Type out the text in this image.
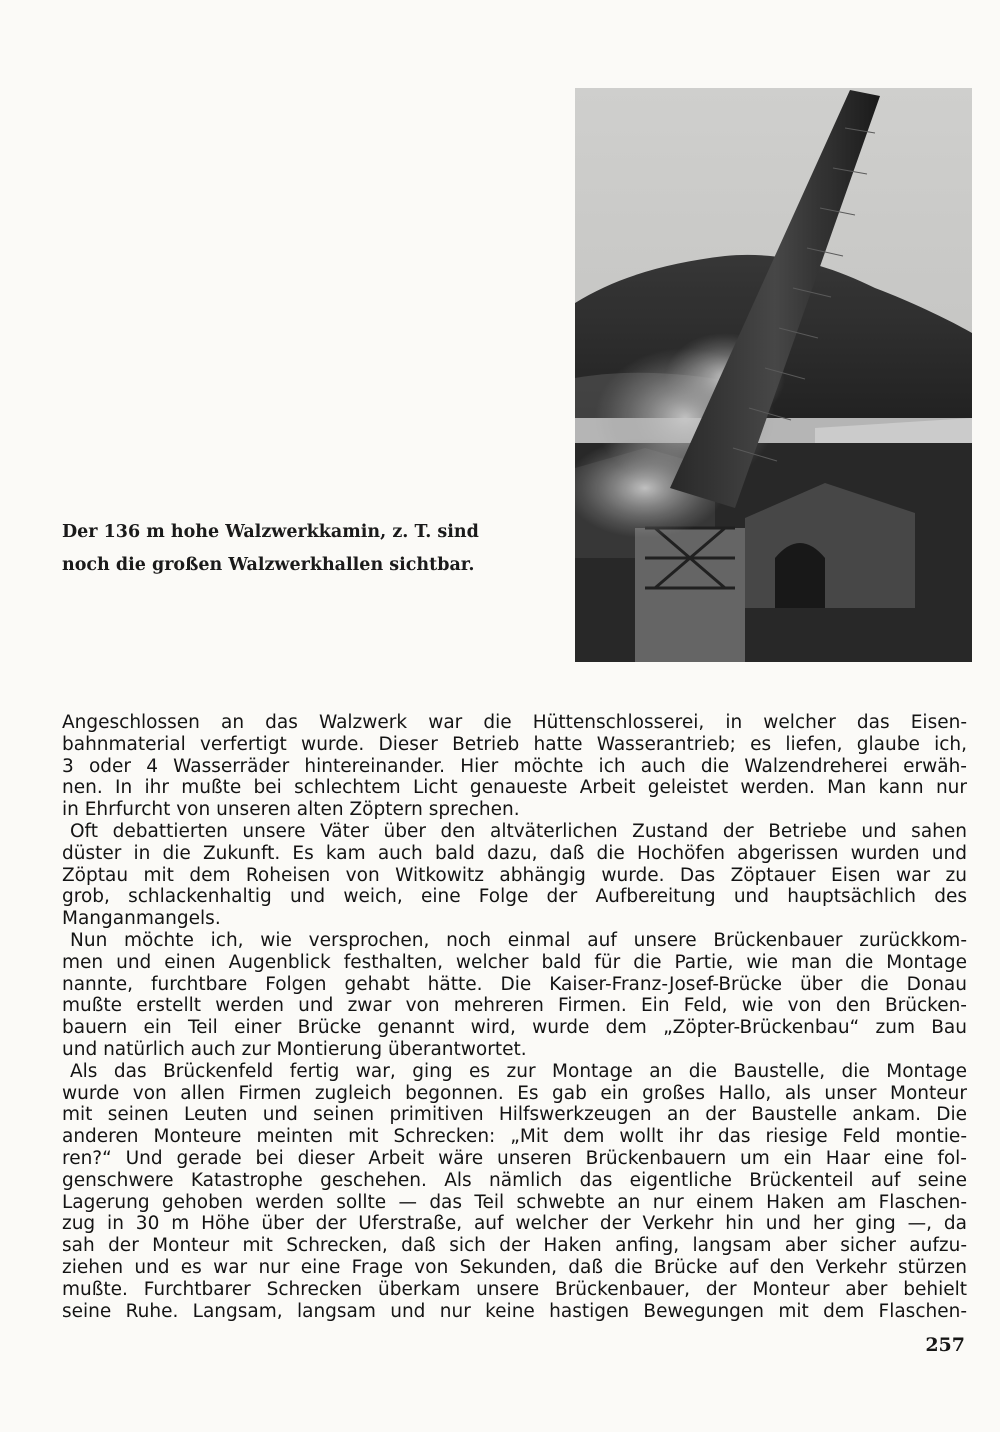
Der 136 m hohe Walzwerkkamin, z. T. sind
noch die großen Walzwerkhallen sichtbar.
Angeschlossen an das Walzwerk war die Hüttenschlosserei, in welcher das Eisen-
bahnmaterial verfertigt wurde. Dieser Betrieb hatte Wasserantrieb; es liefen, glaube ich,
3 oder 4 Wasserräder hintereinander. Hier möchte ich auch die Walzendreherei erwäh-
nen. In ihr mußte bei schlechtem Licht genaueste Arbeit geleistet werden. Man kann nur
in Ehrfurcht von unseren alten Zöptern sprechen.
Oft debattierten unsere Väter über den altväterlichen Zustand der Betriebe und sahen
düster in die Zukunft. Es kam auch bald dazu, daß die Hochöfen abgerissen wurden und
Zöptau mit dem Roheisen von Witkowitz abhängig wurde. Das Zöptauer Eisen war zu
grob, schlackenhaltig und weich, eine Folge der Aufbereitung und hauptsächlich des
Manganmangels.
Nun möchte ich, wie versprochen, noch einmal auf unsere Brückenbauer zurückkom-
men und einen Augenblick festhalten, welcher bald für die Partie, wie man die Montage
nannte, furchtbare Folgen gehabt hätte. Die Kaiser-Franz-Josef-Brücke über die Donau
mußte erstellt werden und zwar von mehreren Firmen. Ein Feld, wie von den Brücken-
bauern ein Teil einer Brücke genannt wird, wurde dem „Zöpter-Brückenbau“ zum Bau
und natürlich auch zur Montierung überantwortet.
Als das Brückenfeld fertig war, ging es zur Montage an die Baustelle, die Montage
wurde von allen Firmen zugleich begonnen. Es gab ein großes Hallo, als unser Monteur
mit seinen Leuten und seinen primitiven Hilfswerkzeugen an der Baustelle ankam. Die
anderen Monteure meinten mit Schrecken: „Mit dem wollt ihr das riesige Feld montie-
ren?“ Und gerade bei dieser Arbeit wäre unseren Brückenbauern um ein Haar eine fol-
genschwere Katastrophe geschehen. Als nämlich das eigentliche Brückenteil auf seine
Lagerung gehoben werden sollte — das Teil schwebte an nur einem Haken am Flaschen-
zug in 30 m Höhe über der Uferstraße, auf welcher der Verkehr hin und her ging —, da
sah der Monteur mit Schrecken, daß sich der Haken anfing, langsam aber sicher aufzu-
ziehen und es war nur eine Frage von Sekunden, daß die Brücke auf den Verkehr stürzen
mußte. Furchtbarer Schrecken überkam unsere Brückenbauer, der Monteur aber behielt
seine Ruhe. Langsam, langsam und nur keine hastigen Bewegungen mit dem Flaschen-
257
